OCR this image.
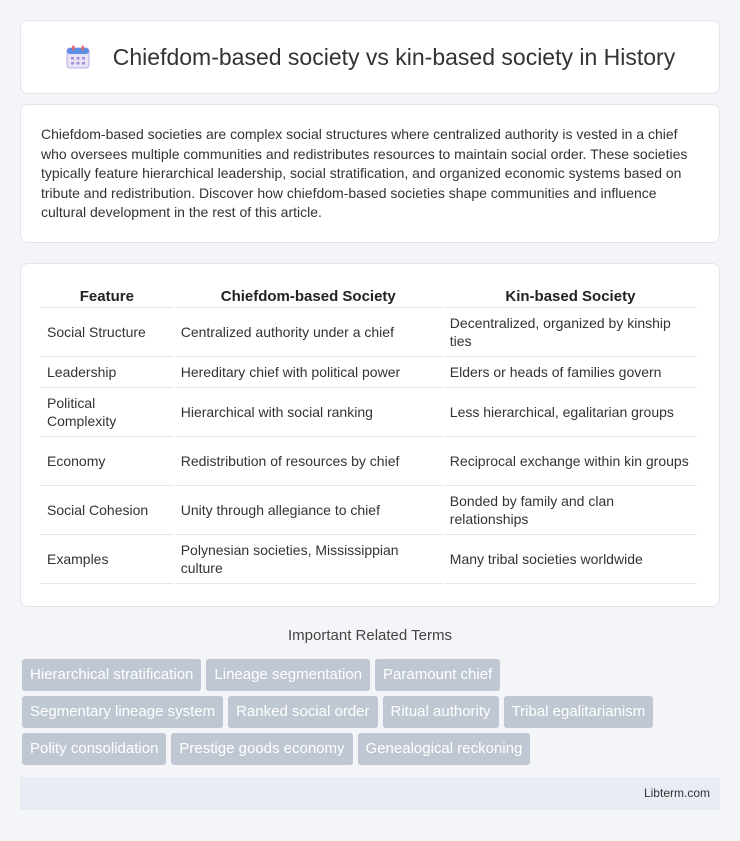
Chiefdom-based society vs kin-based society in History

Chiefdom-based societies are complex social structures where centralized authority is vested in a chief who oversees multiple communities and redistributes resources to maintain social order. These societies typically feature hierarchical leadership, social stratification, and organized economic systems based on tribute and redistribution. Discover how chiefdom-based societies shape communities and influence cultural development in the rest of this article.

Feature	Chiefdom-based Society	Kin-based Society
Social Structure	Centralized authority under a chief	Decentralized, organized by kinship ties
Leadership	Hereditary chief with political power	Elders or heads of families govern
Political Complexity	Hierarchical with social ranking	Less hierarchical, egalitarian groups
Economy	Redistribution of resources by chief	Reciprocal exchange within kin groups
Social Cohesion	Unity through allegiance to chief	Bonded by family and clan relationships
Examples	Polynesian societies, Mississippian culture	Many tribal societies worldwide
Important Related Terms
Hierarchical stratification	Lineage segmentation	Paramount chief
Segmentary lineage system	Ranked social order	Ritual authority	Tribal egalitarianism
Polity consolidation	Prestige goods economy	Genealogical reckoning
Libterm.com
